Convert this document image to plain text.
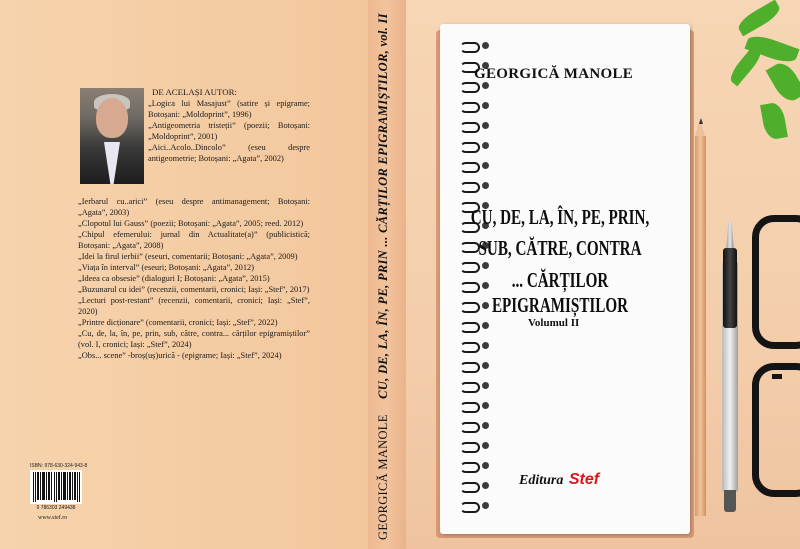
DE ACELAȘI AUTOR:

„Logica lui Masajust” (satire și epigrame; Botoșani: „Moldoprint”, 1996)

„Antigeometria tristeții” (poezii; Botoșani: „Moldoprint”, 2001)

„Aici..Acolo..Dincolo” (eseu despre antigeometrie; Botoșani: „Agata”, 2002)

„Ierbarul cu..arici” (eseu despre antimanagement; Botoșani: „Agata”, 2003)

„Clopotul lui Gauss” (poezii; Botoșani: „Agata”, 2005; reed. 2012)

„Chipul efemerului: jurnal din Actualitate(a)” (publicistică; Botoșani: „Agata”, 2008)

„Idei la firul ierbii” (eseuri, comentarii; Botoșani: „Agata”, 2009)

„Viața în interval” (eseuri; Botoșani: „Agata”, 2012)

„Ideea ca obsesie” (dialoguri I; Botoșani: „Agata”, 2015)

„Buzunarul cu idei” (recenzii, comentarii, cronici; Iași: „Stef”, 2017)

„Lecturi post-restant” (recenzii, comentarii, cronici; Iași: „Stef”, 2020)

„Printre dicționare” (comentarii, cronici; Iași: „Stef”, 2022)

„Cu, de, la, în, pe, prin, sub, către, contra... cărților epigramiștilor” (vol. I, cronici; Iași: „Stef”, 2024)

„Obs... scene” -broș(uș)urică - (epigrame; Iași: „Stef”, 2024)

ISBN: 978-630-324-943-8
9 786303 249438
www.stef.ro	GEORGICĂ MANOLE CU, DE, LA, ÎN, PE, PRIN ... CĂRȚILOR EPIGRAMIȘTILOR, vol. II	GEORGICĂ MANOLE
CU, DE, LA, ÎN, PE, PRIN,
SUB, CĂTRE, CONTRA
... CĂRȚILOR EPIGRAMIȘTILOR
Volumul II
Editura Stef
